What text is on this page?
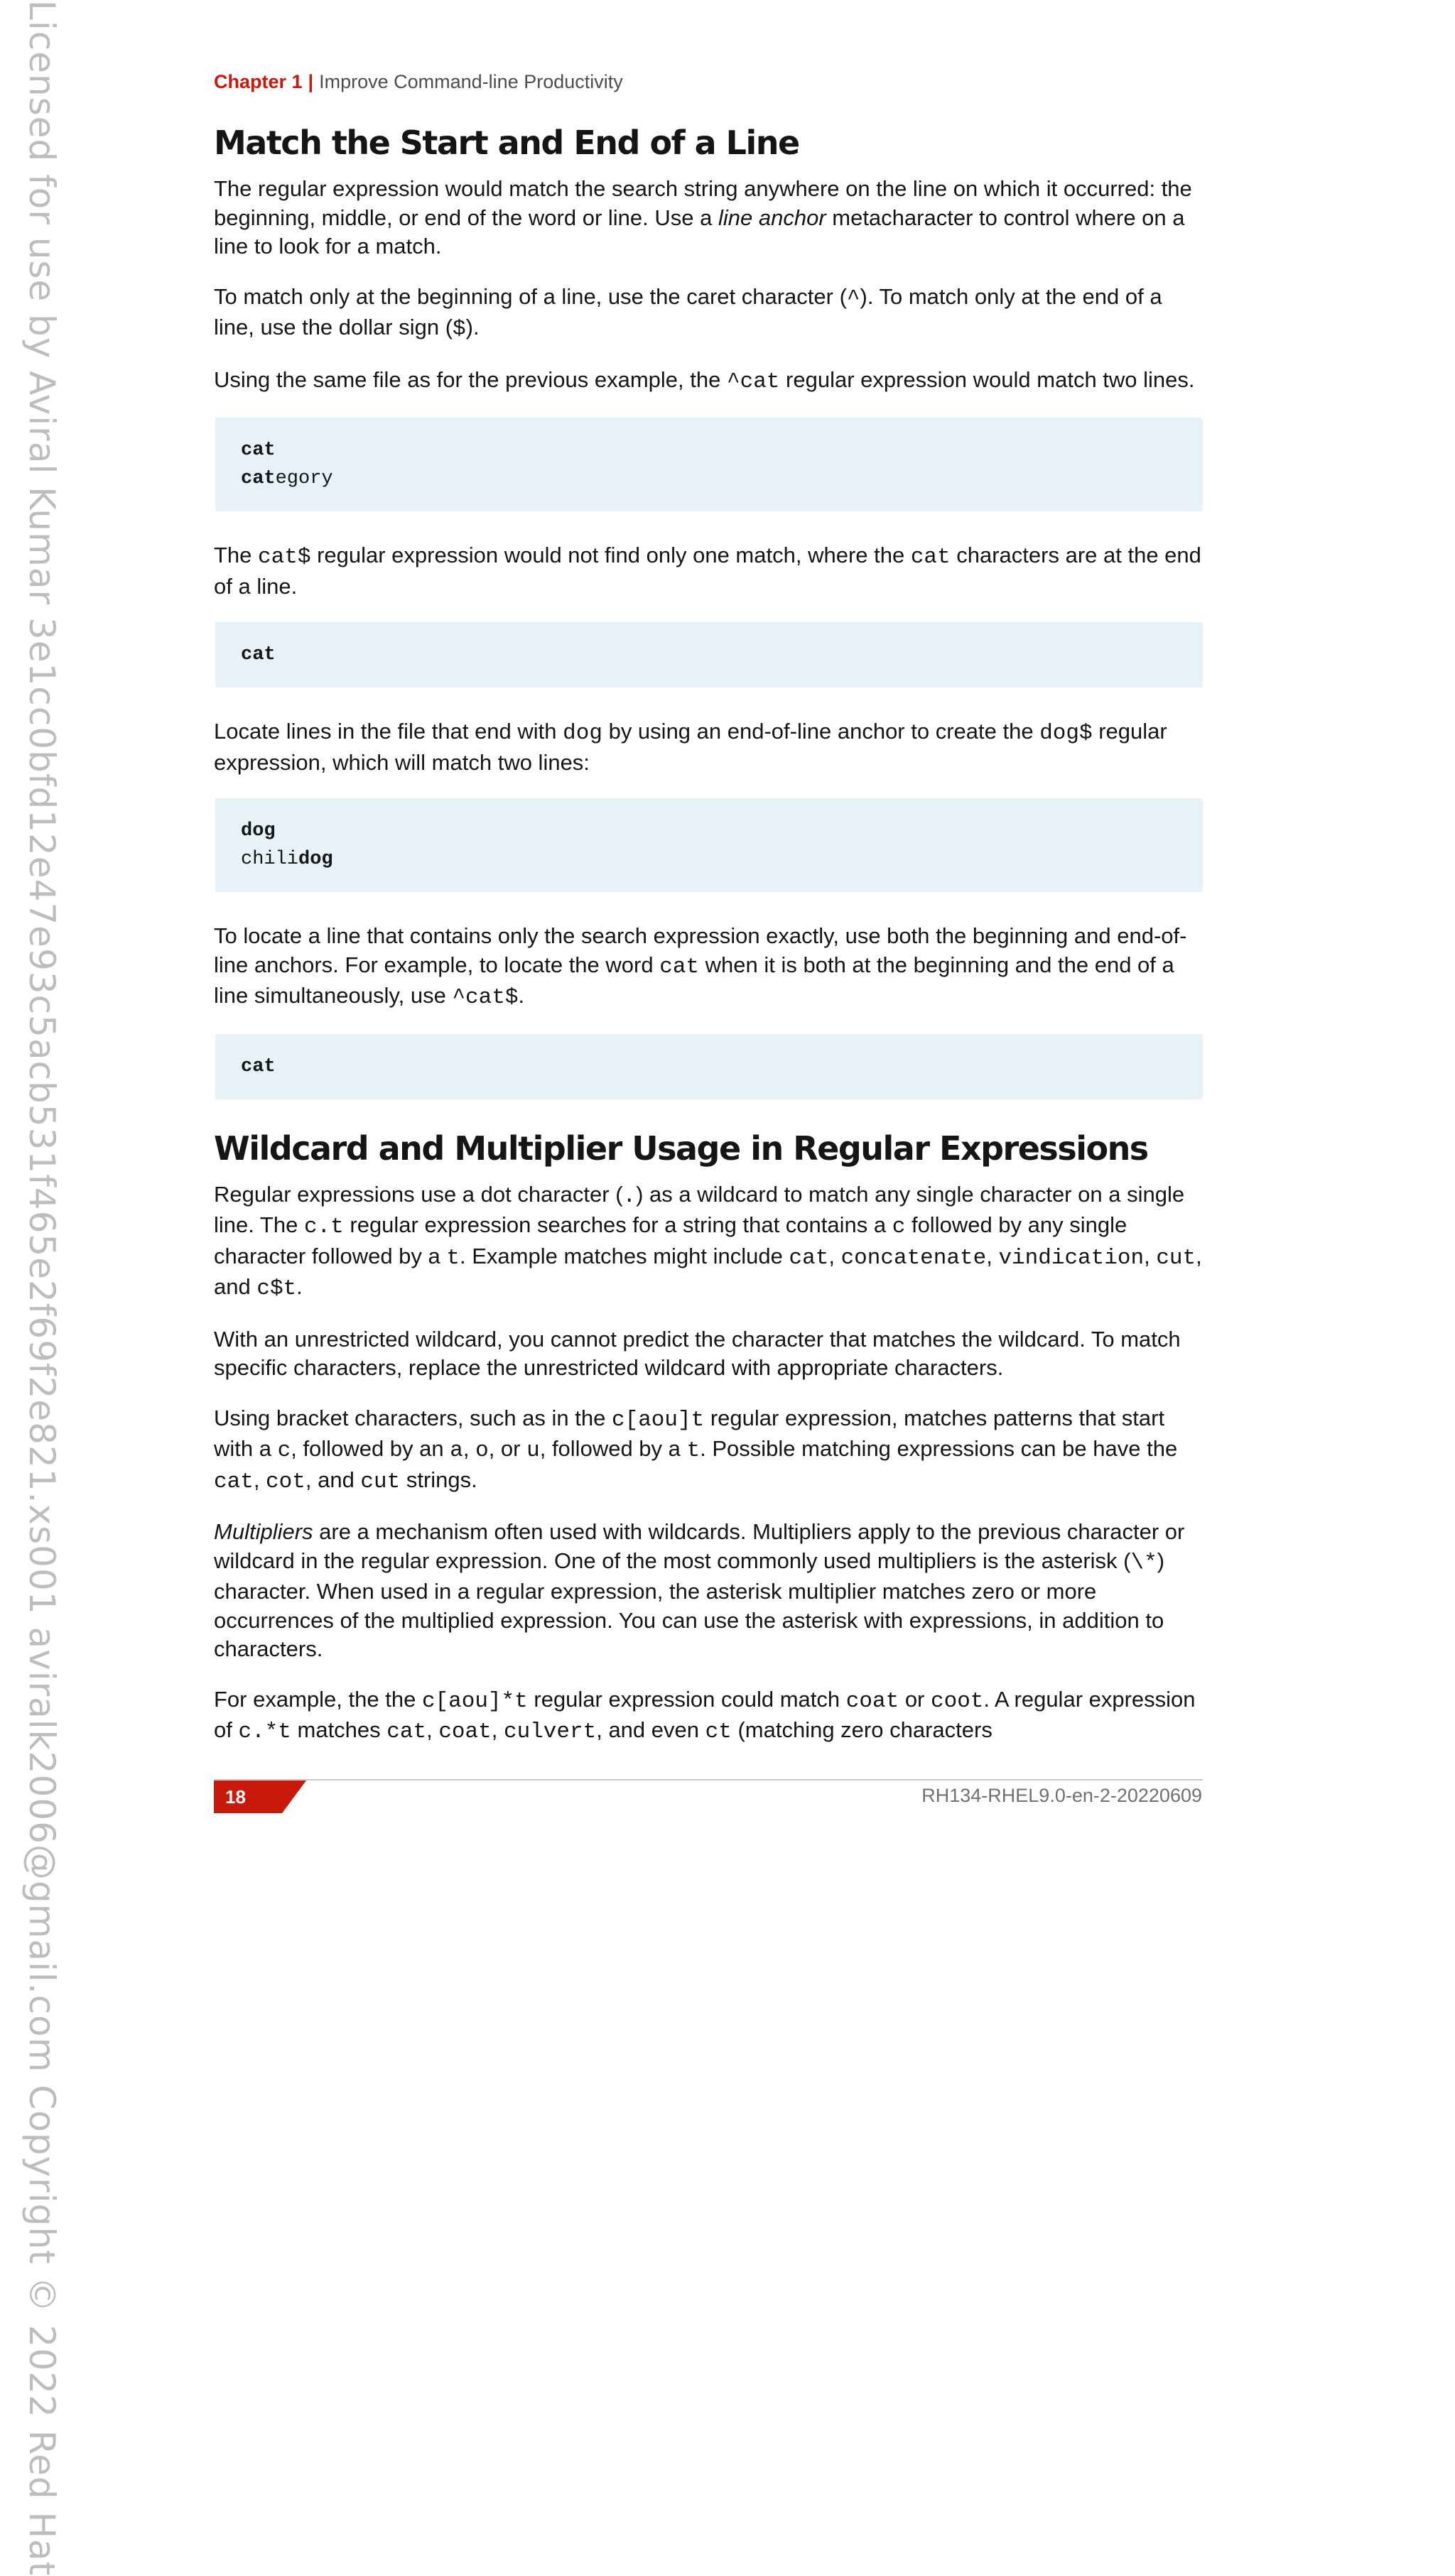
Licensed for use by Aviral Kumar 3e1cc0bfd12e47e93c5acb531f465e2f69f2e821.xs001 aviralk2006@gmail.com Copyright © 2022 Red Hat	Chapter 1 | Improve Command-line Productivity
Match the Start and End of a Line

The regular expression would match the search string anywhere on the line on which it occurred: the beginning, middle, or end of the word or line. Use a line anchor metacharacter to control where on a line to look for a match.

To match only at the beginning of a line, use the caret character (^). To match only at the end of a line, use the dollar sign ($).

Using the same file as for the previous example, the ^cat regular expression would match two lines.

cat
category

The cat$ regular expression would not find only one match, where the cat characters are at the end of a line.

cat

Locate lines in the file that end with dog by using an end-of-line anchor to create the dog$ regular expression, which will match two lines:

dog
chilidog

To locate a line that contains only the search expression exactly, use both the beginning and end-of-line anchors. For example, to locate the word cat when it is both at the beginning and the end of a line simultaneously, use ^cat$.

cat
Wildcard and Multiplier Usage in Regular Expressions

Regular expressions use a dot character (.) as a wildcard to match any single character on a single line. The c.t regular expression searches for a string that contains a c followed by any single character followed by a t. Example matches might include cat, concatenate, vindication, cut, and c$t.

With an unrestricted wildcard, you cannot predict the character that matches the wildcard. To match specific characters, replace the unrestricted wildcard with appropriate characters.

Using bracket characters, such as in the c[aou]t regular expression, matches patterns that start with a c, followed by an a, o, or u, followed by a t. Possible matching expressions can be have the cat, cot, and cut strings.

Multipliers are a mechanism often used with wildcards. Multipliers apply to the previous character or wildcard in the regular expression. One of the most commonly used multipliers is the asterisk (\*) character. When used in a regular expression, the asterisk multiplier matches zero or more occurrences of the multiplied expression. You can use the asterisk with expressions, in addition to characters.

For example, the the c[aou]*t regular expression could match coat or coot. A regular expression of c.*t matches cat, coat, culvert, and even ct (matching zero characters

18	RH134-RHEL9.0-en-2-20220609
